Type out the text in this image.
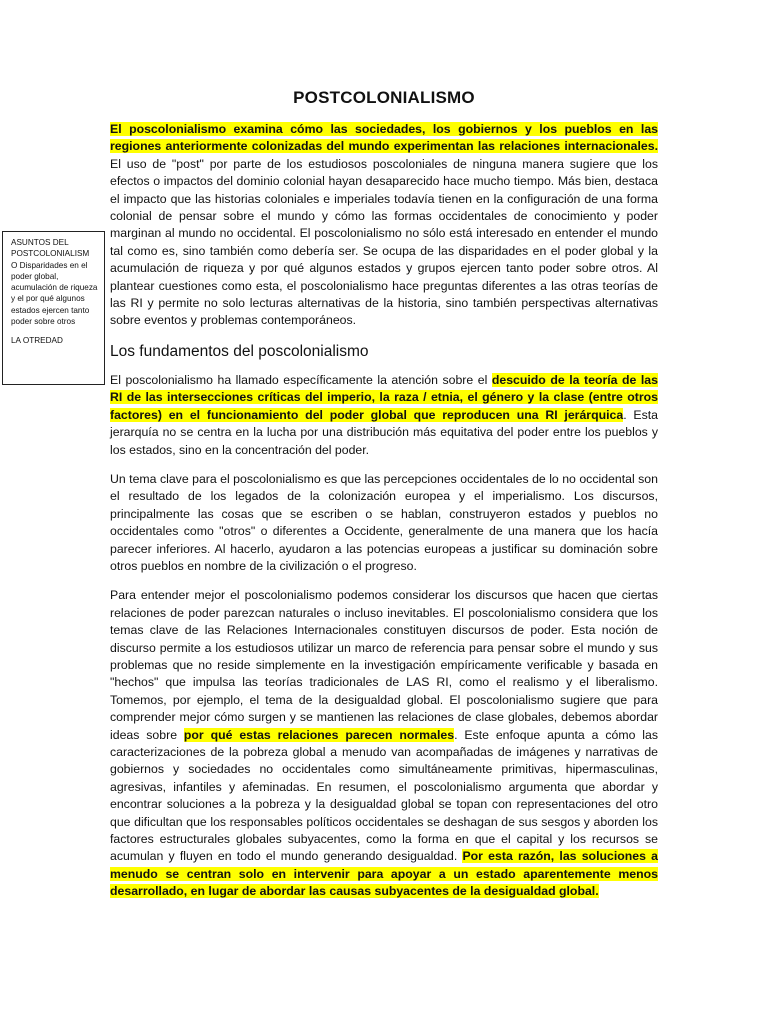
POSTCOLONIALISMO
ASUNTOS DEL
POSTCOLONIALISM
O Disparidades en el poder global, acumulación de riqueza y el por qué algunos estados ejercen tanto poder sobre otros
LA OTREDAD

El poscolonialismo examina cómo las sociedades, los gobiernos y los pueblos en las regiones anteriormente colonizadas del mundo experimentan las relaciones internacionales. El uso de "post" por parte de los estudiosos poscoloniales de ninguna manera sugiere que los efectos o impactos del dominio colonial hayan desaparecido hace mucho tiempo. Más bien, destaca el impacto que las historias coloniales e imperiales todavía tienen en la configuración de una forma colonial de pensar sobre el mundo y cómo las formas occidentales de conocimiento y poder marginan al mundo no occidental. El poscolonialismo no sólo está interesado en entender el mundo tal como es, sino también como debería ser. Se ocupa de las disparidades en el poder global y la acumulación de riqueza y por qué algunos estados y grupos ejercen tanto poder sobre otros. Al plantear cuestiones como esta, el poscolonialismo hace preguntas diferentes a las otras teorías de las RI y permite no solo lecturas alternativas de la historia, sino también perspectivas alternativas sobre eventos y problemas contemporáneos.

Los fundamentos del poscolonialismo

El poscolonialismo ha llamado específicamente la atención sobre el descuido de la teoría de las RI de las intersecciones críticas del imperio, la raza / etnia, el género y la clase (entre otros factores) en el funcionamiento del poder global que reproducen una RI jerárquica. Esta jerarquía no se centra en la lucha por una distribución más equitativa del poder entre los pueblos y los estados, sino en la concentración del poder.

Un tema clave para el poscolonialismo es que las percepciones occidentales de lo no occidental son el resultado de los legados de la colonización europea y el imperialismo. Los discursos, principalmente las cosas que se escriben o se hablan, construyeron estados y pueblos no occidentales como "otros" o diferentes a Occidente, generalmente de una manera que los hacía parecer inferiores. Al hacerlo, ayudaron a las potencias europeas a justificar su dominación sobre otros pueblos en nombre de la civilización o el progreso.

Para entender mejor el poscolonialismo podemos considerar los discursos que hacen que ciertas relaciones de poder parezcan naturales o incluso inevitables. El poscolonialismo considera que los temas clave de las Relaciones Internacionales constituyen discursos de poder. Esta noción de discurso permite a los estudiosos utilizar un marco de referencia para pensar sobre el mundo y sus problemas que no reside simplemente en la investigación empíricamente verificable y basada en "hechos" que impulsa las teorías tradicionales de LAS RI, como el realismo y el liberalismo. Tomemos, por ejemplo, el tema de la desigualdad global. El poscolonialismo sugiere que para comprender mejor cómo surgen y se mantienen las relaciones de clase globales, debemos abordar ideas sobre por qué estas relaciones parecen normales. Este enfoque apunta a cómo las caracterizaciones de la pobreza global a menudo van acompañadas de imágenes y narrativas de gobiernos y sociedades no occidentales como simultáneamente primitivas, hipermasculinas, agresivas, infantiles y afeminadas. En resumen, el poscolonialismo argumenta que abordar y encontrar soluciones a la pobreza y la desigualdad global se topan con representaciones del otro que dificultan que los responsables políticos occidentales se deshagan de sus sesgos y aborden los factores estructurales globales subyacentes, como la forma en que el capital y los recursos se acumulan y fluyen en todo el mundo generando desigualdad. Por esta razón, las soluciones a menudo se centran solo en intervenir para apoyar a un estado aparentemente menos desarrollado, en lugar de abordar las causas subyacentes de la desigualdad global.
